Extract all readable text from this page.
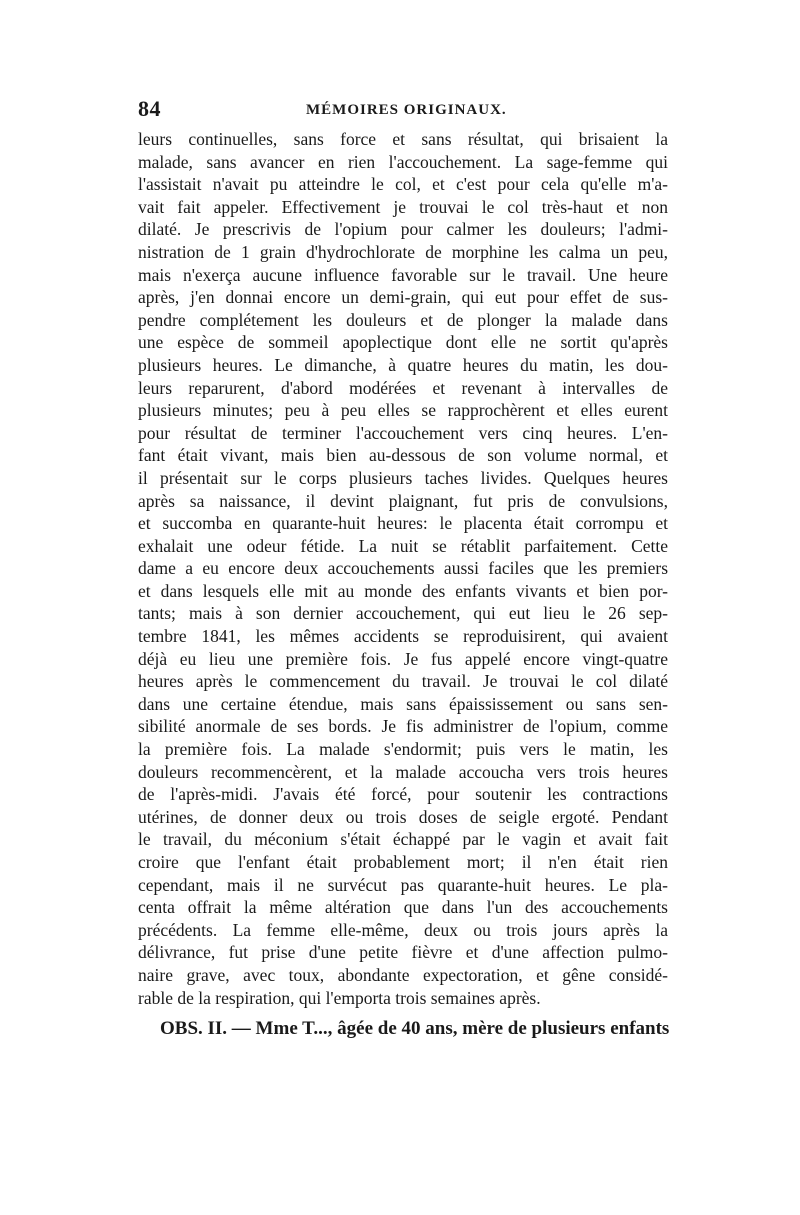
84	MÉMOIRES ORIGINAUX.
leurs continuelles, sans force et sans résultat, qui brisaient la
malade, sans avancer en rien l'accouchement. La sage-femme qui
l'assistait n'avait pu atteindre le col, et c'est pour cela qu'elle m'a-
vait fait appeler. Effectivement je trouvai le col très-haut et non
dilaté. Je prescrivis de l'opium pour calmer les douleurs; l'admi-
nistration de 1 grain d'hydrochlorate de morphine les calma un peu,
mais n'exerça aucune influence favorable sur le travail. Une heure
après, j'en donnai encore un demi-grain, qui eut pour effet de sus-
pendre complétement les douleurs et de plonger la malade dans
une espèce de sommeil apoplectique dont elle ne sortit qu'après
plusieurs heures. Le dimanche, à quatre heures du matin, les dou-
leurs reparurent, d'abord modérées et revenant à intervalles de
plusieurs minutes; peu à peu elles se rapprochèrent et elles eurent
pour résultat de terminer l'accouchement vers cinq heures. L'en-
fant était vivant, mais bien au-dessous de son volume normal, et
il présentait sur le corps plusieurs taches livides. Quelques heures
après sa naissance, il devint plaignant, fut pris de convulsions,
et succomba en quarante-huit heures: le placenta était corrompu et
exhalait une odeur fétide. La nuit se rétablit parfaitement. Cette
dame a eu encore deux accouchements aussi faciles que les premiers
et dans lesquels elle mit au monde des enfants vivants et bien por-
tants; mais à son dernier accouchement, qui eut lieu le 26 sep-
tembre 1841, les mêmes accidents se reproduisirent, qui avaient
déjà eu lieu une première fois. Je fus appelé encore vingt-quatre
heures après le commencement du travail. Je trouvai le col dilaté
dans une certaine étendue, mais sans épaississement ou sans sen-
sibilité anormale de ses bords. Je fis administrer de l'opium, comme
la première fois. La malade s'endormit; puis vers le matin, les
douleurs recommencèrent, et la malade accoucha vers trois heures
de l'après-midi. J'avais été forcé, pour soutenir les contractions
utérines, de donner deux ou trois doses de seigle ergoté. Pendant
le travail, du méconium s'était échappé par le vagin et avait fait
croire que l'enfant était probablement mort; il n'en était rien
cependant, mais il ne survécut pas quarante-huit heures. Le pla-
centa offrait la même altération que dans l'un des accouchements
précédents. La femme elle-même, deux ou trois jours après la
délivrance, fut prise d'une petite fièvre et d'une affection pulmo-
naire grave, avec toux, abondante expectoration, et gêne considé-
rable de la respiration, qui l'emporta trois semaines après.
OBS. II. — Mme T..., âgée de 40 ans, mère de plusieurs enfants
